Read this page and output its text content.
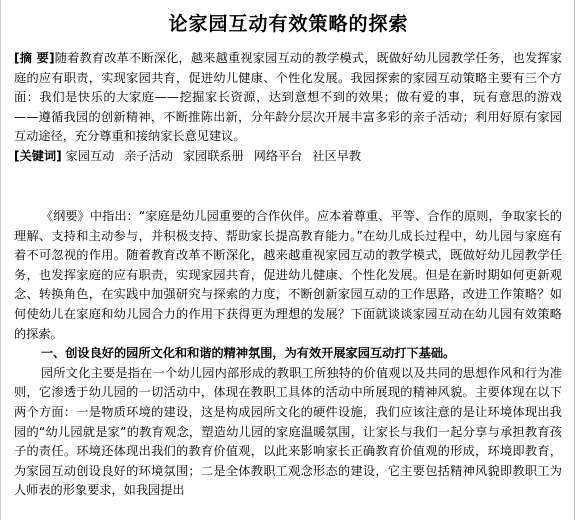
论家园互动有效策略的探索
[摘 要]随着教育改革不断深化，越来越重视家园互动的教学模式，既做好幼儿园教学任务，也发挥家庭的应有职责，实现家园共育，促进幼儿健康、个性化发展。我园探索的家园互动策略主要有三个方面：我们是快乐的大家庭——挖掘家长资源，达到意想不到的效果；做有爱的事，玩有意思的游戏——遵循我园的创新精神，不断推陈出新，分年龄分层次开展丰富多彩的亲子活动；利用好原有家园互动途径，充分尊重和接纳家长意见建议。
[关键词] 家园互动 亲子活动 家园联系册 网络平台 社区早教
《纲要》中指出：“家庭是幼儿园重要的合作伙伴。应本着尊重、平等、合作的原则，争取家长的理解、支持和主动参与，并积极支持、帮助家长提高教育能力。”在幼儿成长过程中，幼儿园与家庭有着不可忽视的作用。随着教育改革不断深化，越来越重视家园互动的教学模式，既做好幼儿园教学任务，也发挥家庭的应有职责，实现家园共育，促进幼儿健康、个性化发展。但是在新时期如何更新观念、转换角色，在实践中加强研究与探索的力度，不断创新家园互动的工作思路，改进工作策略？如何使幼儿在家庭和幼儿园合力的作用下获得更为理想的发展？下面就谈谈家园互动在幼儿园有效策略的探索。
一、创设良好的园所文化和和谐的精神氛围，为有效开展家园互动打下基础。
园所文化主要是指在一个幼儿园内部形成的教职工所独特的价值观以及共同的思想作风和行为准则，它渗透于幼儿园的一切活动中，体现在教职工具体的活动中所展现的精神风貌。主要体现在以下两个方面：一是物质环境的建设，这是构成园所文化的硬件设施，我们应该注意的是让环境体现出我园的“幼儿园就是家”的教育观念，塑造幼儿园的家庭温暖氛围，让家长与我们一起分享与承担教育孩子的责任。环境还体现出我们的教育价值观，以此来影响家长正确教育价值观的形成，环境即教育，为家园互动创设良好的环境氛围；二是全体教职工观念形态的建设，它主要包括精神风貌即教职工为人师表的形象要求，如我园提出
